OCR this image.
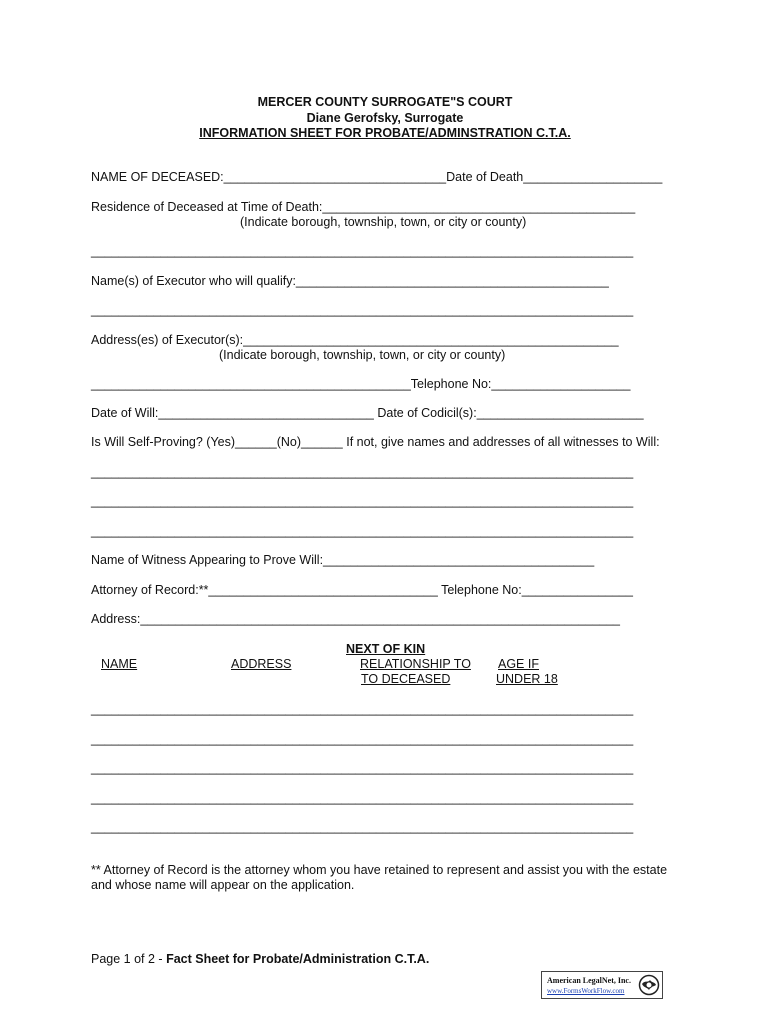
MERCER COUNTY SURROGATE"S COURT
Diane Gerofsky, Surrogate
INFORMATION SHEET FOR PROBATE/ADMINSTRATION C.T.A.
NAME OF DECEASED:________________________________Date of Death____________________
Residence of Deceased at Time of Death:_____________________________________________
(Indicate borough, township, town, or city or county)
______________________________________________________________________________
Name(s) of Executor who will qualify:_____________________________________________
______________________________________________________________________________
Address(es) of Executor(s):______________________________________________________
(Indicate borough, township, town, or city or county)
______________________________________________Telephone No:____________________
Date of Will:_______________________________ Date of Codicil(s):________________________
Is Will Self-Proving? (Yes)______(No)______ If not, give names and addresses of all witnesses to Will:
______________________________________________________________________________
______________________________________________________________________________
______________________________________________________________________________
Name of Witness Appearing to Prove Will:_______________________________________
Attorney of Record:**_________________________________ Telephone No:________________
Address:_____________________________________________________________________
NEXT OF KIN
NAME	ADDRESS	RELATIONSHIP TO
TO DECEASED
AGE IF
UNDER 18
______________________________________________________________________________
______________________________________________________________________________
______________________________________________________________________________
______________________________________________________________________________
______________________________________________________________________________
** Attorney of Record is the attorney whom you have retained to represent and assist you with the estate
and whose name will appear on the application.
Page 1 of 2 - Fact Sheet for Probate/Administration C.T.A.
American LegalNet, Inc.
www.FormsWorkFlow.com
